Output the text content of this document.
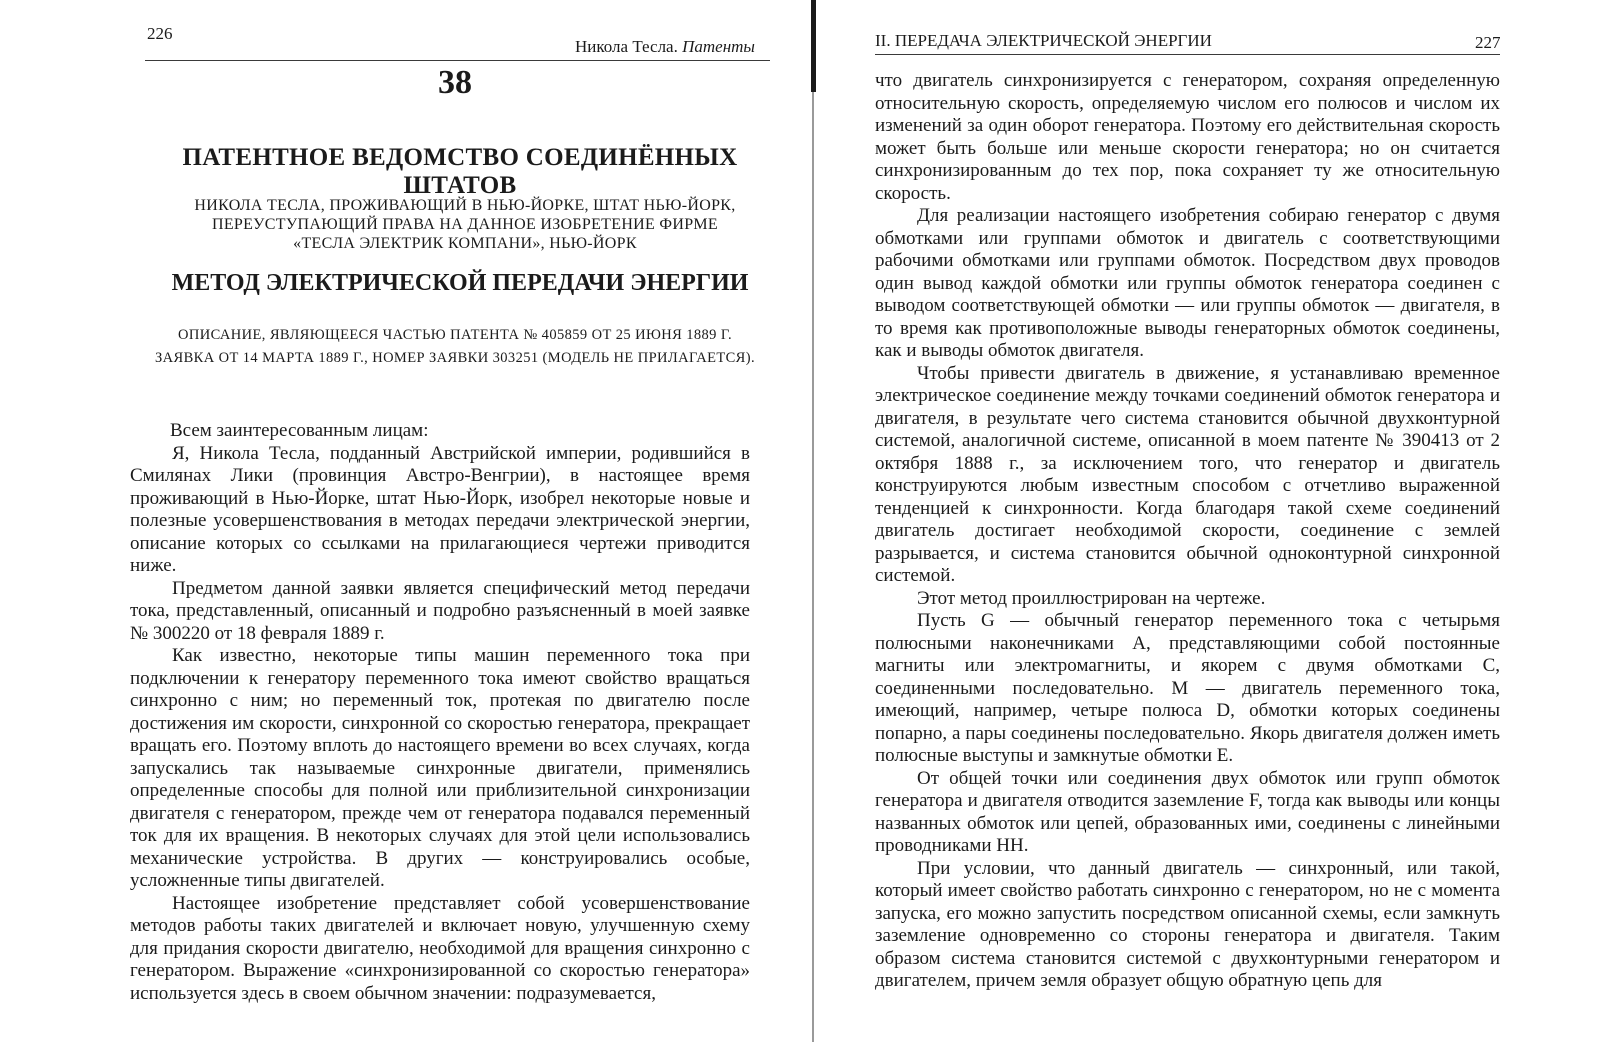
226
Никола Тесла. Патенты
38
ПАТЕНТНОЕ ВЕДОМСТВО СОЕДИНЁННЫХ ШТАТОВ
НИКОЛА ТЕСЛА, ПРОЖИВАЮЩИЙ В НЬЮ-ЙОРКЕ, ШТАТ НЬЮ-ЙОРК,
ПЕРЕУСТУПАЮЩИЙ ПРАВА НА ДАННОЕ ИЗОБРЕТЕНИЕ ФИРМЕ
«ТЕСЛА ЭЛЕКТРИК КОМПАНИ», НЬЮ-ЙОРК
МЕТОД ЭЛЕКТРИЧЕСКОЙ ПЕРЕДАЧИ ЭНЕРГИИ
ОПИСАНИЕ, ЯВЛЯЮЩЕЕСЯ ЧАСТЬЮ ПАТЕНТА № 405859 ОТ 25 ИЮНЯ 1889 Г.
ЗАЯВКА ОТ 14 МАРТА 1889 Г., НОМЕР ЗАЯВКИ 303251 (МОДЕЛЬ НЕ ПРИЛАГАЕТСЯ).

Всем заинтересованным лицам:

Я, Никола Тесла, подданный Австрийской империи, родившийся в Смилянах Лики (провинция Австро-Венгрии), в настоящее время проживающий в Нью-Йорке, штат Нью-Йорк, изобрел некоторые новые и полезные усовершенствования в методах передачи электрической энергии, описание которых со ссылками на прилагающиеся чертежи приводится ниже.

Предметом данной заявки является специфический метод передачи тока, представленный, описанный и подробно разъясненный в моей заявке № 300220 от 18 февраля 1889 г.

Как известно, некоторые типы машин переменного тока при подключении к генератору переменного тока имеют свойство вращаться синхронно с ним; но переменный ток, протекая по двигателю после достижения им скорости, синхронной со скоростью генератора, прекращает вращать его. Поэтому вплоть до настоящего времени во всех случаях, когда запускались так называемые синхронные двигатели, применялись определенные способы для полной или приблизительной синхронизации двигателя с генератором, прежде чем от генератора подавался переменный ток для их вращения. В некоторых случаях для этой цели использовались механические устройства. В других — конструировались особые, усложненные типы двигателей.

Настоящее изобретение представляет собой усовершенствование методов работы таких двигателей и включает новую, улучшенную схему для придания скорости двигателю, необходимой для вращения синхронно с генератором. Выражение «синхронизированной со скоростью генератора» используется здесь в своем обычном значении: подразумевается,

II. ПЕРЕДАЧА ЭЛЕКТРИЧЕСКОЙ ЭНЕРГИИ	227

что двигатель синхронизируется с генератором, сохраняя определенную относительную скорость, определяемую числом его полюсов и числом их изменений за один оборот генератора. Поэтому его действительная скорость может быть больше или меньше скорости генератора; но он считается синхронизированным до тех пор, пока сохраняет ту же относительную скорость.

Для реализации настоящего изобретения собираю генератор с двумя обмотками или группами обмоток и двигатель с соответствующими рабочими обмотками или группами обмоток. Посредством двух проводов один вывод каждой обмотки или группы обмоток генератора соединен с выводом соответствующей обмотки — или группы обмоток — двигателя, в то время как противоположные выводы генераторных обмоток соединены, как и выводы обмоток двигателя.

Чтобы привести двигатель в движение, я устанавливаю временное электрическое соединение между точками соединений обмоток генератора и двигателя, в результате чего система становится обычной двухконтурной системой, аналогичной системе, описанной в моем патенте № 390413 от 2 октября 1888 г., за исключением того, что генератор и двигатель конструируются любым известным способом с отчетливо выраженной тенденцией к синхронности. Когда благодаря такой схеме соединений двигатель достигает необходимой скорости, соединение с землей разрывается, и система становится обычной одноконтурной синхронной системой.

Этот метод проиллюстрирован на чертеже.

Пусть G — обычный генератор переменного тока с четырьмя полюсными наконечниками A, представляющими собой постоянные магниты или электромагниты, и якорем с двумя обмотками C, соединенными последовательно. M — двигатель переменного тока, имеющий, например, четыре полюса D, обмотки которых соединены попарно, а пары соединены последовательно. Якорь двигателя должен иметь полюсные выступы и замкнутые обмотки E.

От общей точки или соединения двух обмоток или групп обмоток генератора и двигателя отводится заземление F, тогда как выводы или концы названных обмоток или цепей, образованных ими, соединены с линейными проводниками HH.

При условии, что данный двигатель — синхронный, или такой, который имеет свойство работать синхронно с генератором, но не с момента запуска, его можно запустить посредством описанной схемы, если замкнуть заземление одновременно со стороны генератора и двигателя. Таким образом система становится системой с двухконтурными генератором и двигателем, причем земля образует общую обратную цепь для
